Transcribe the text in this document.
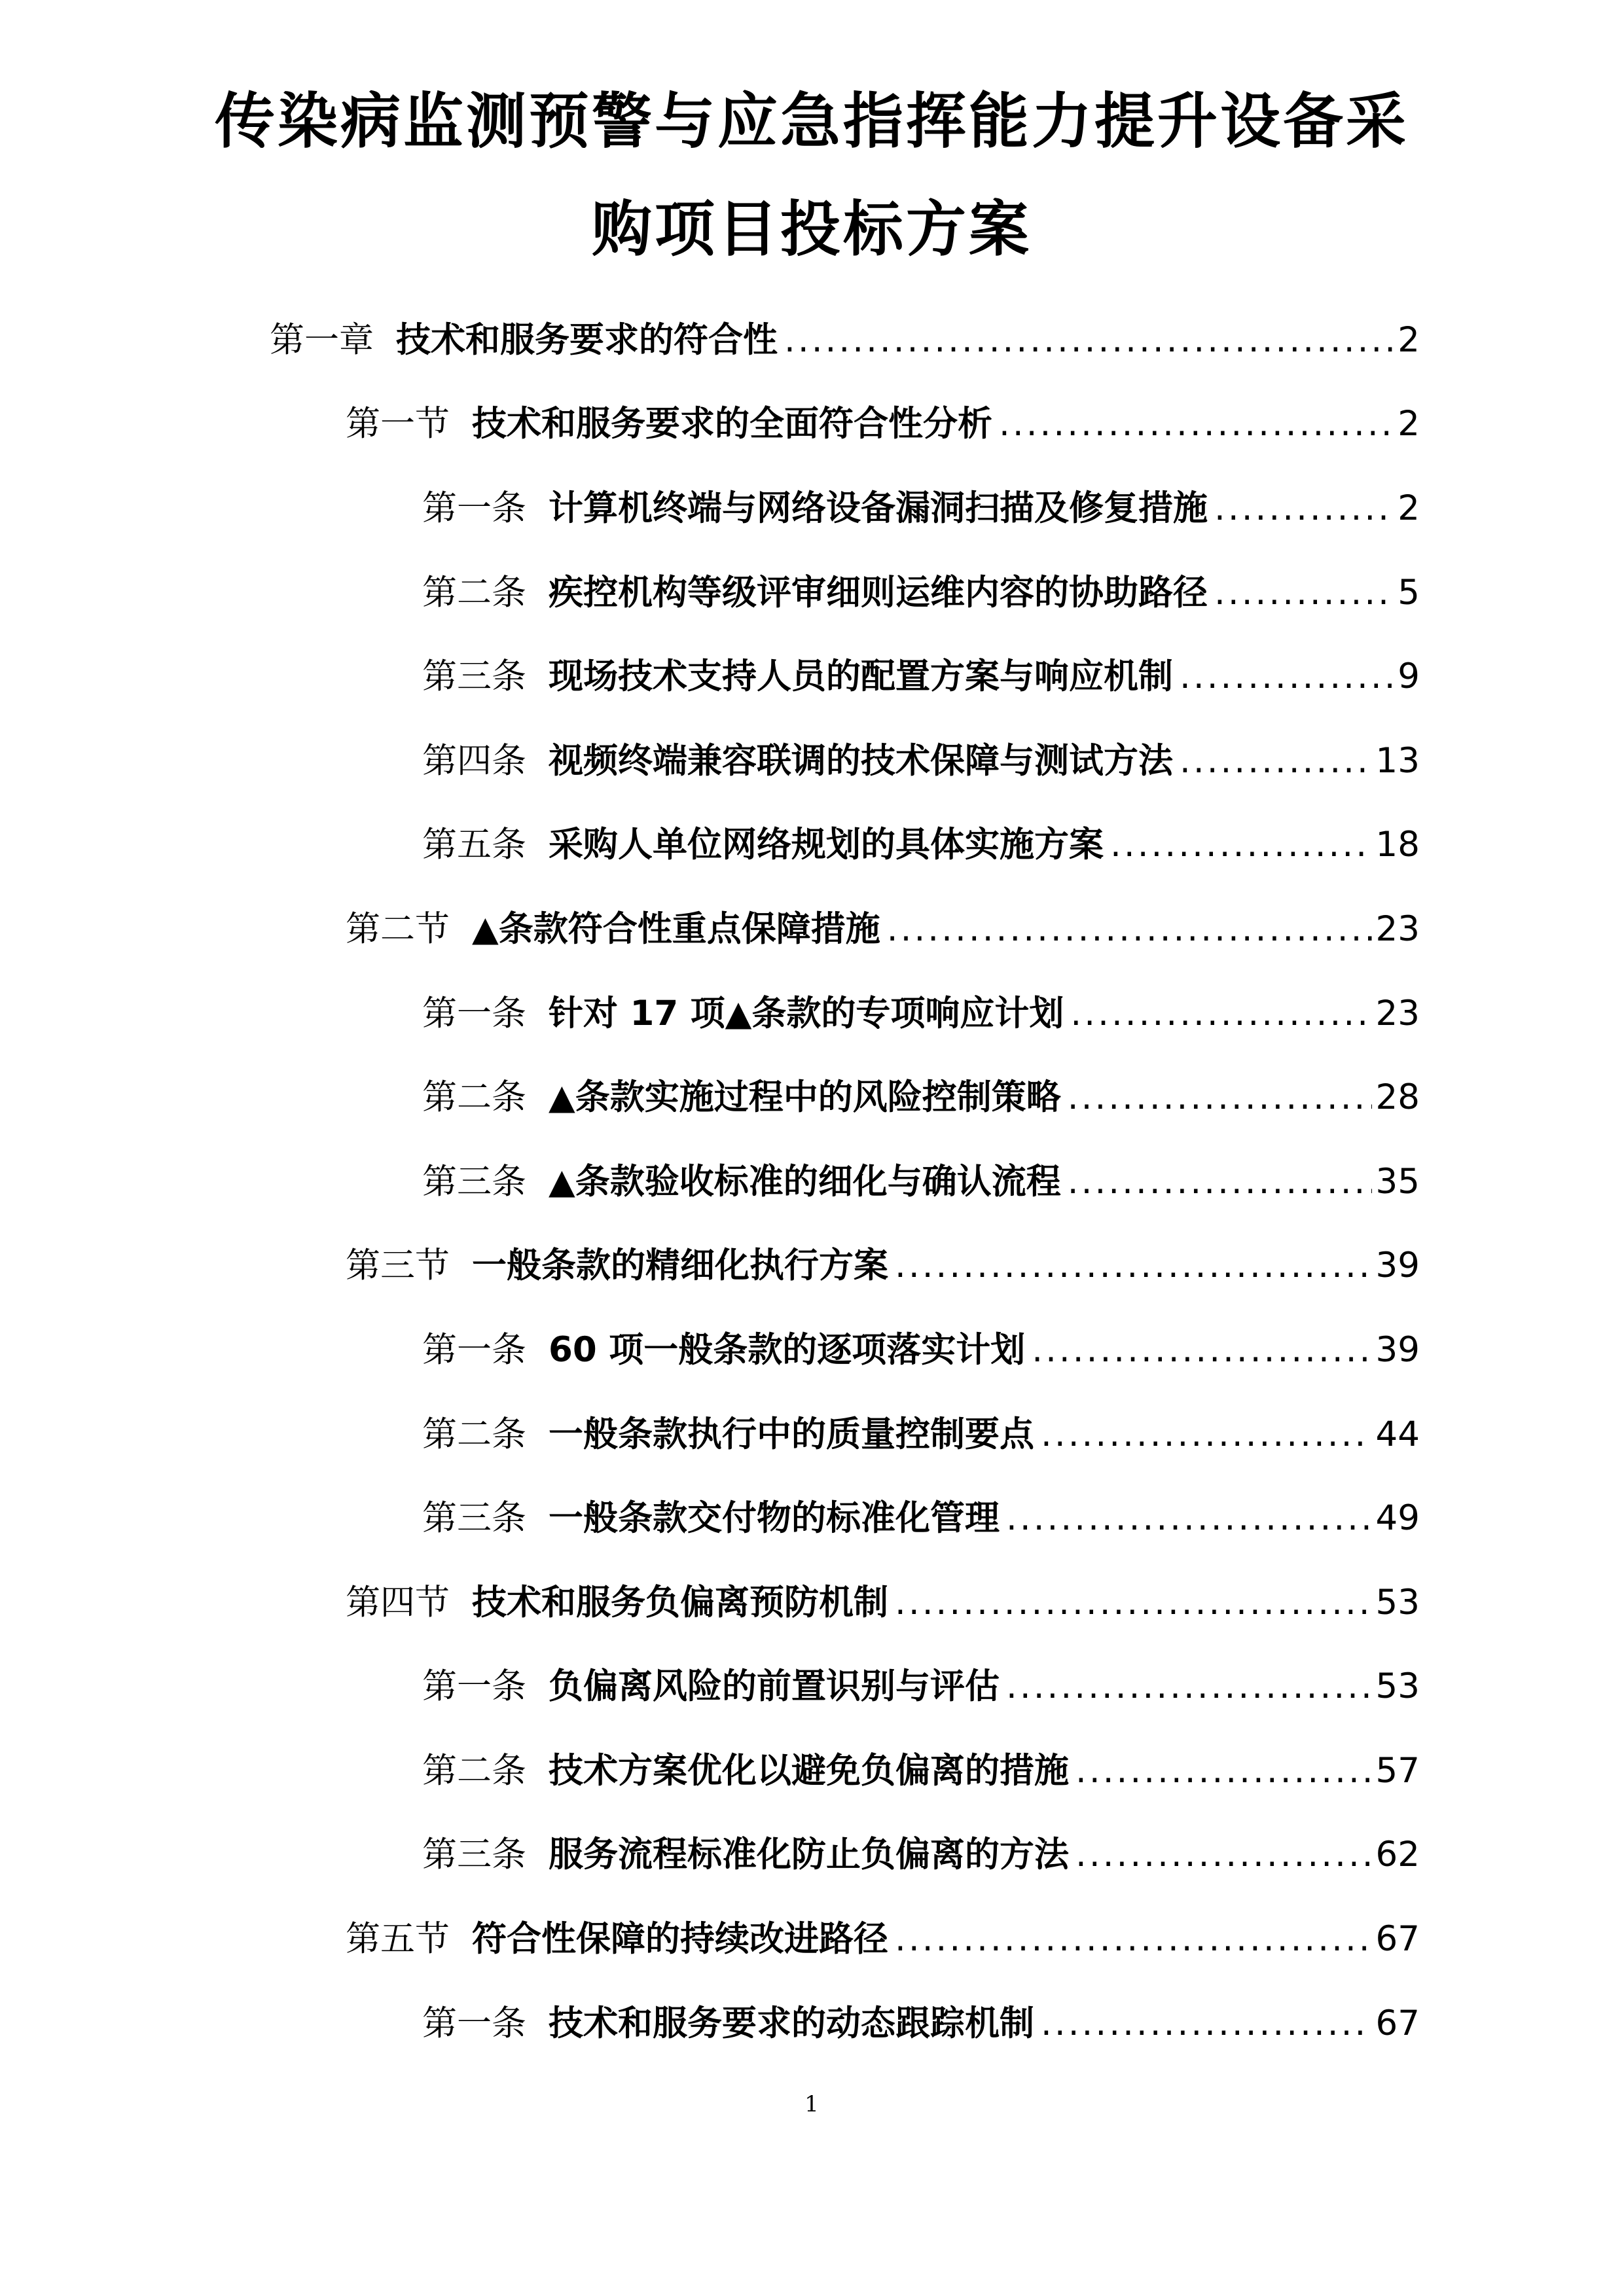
传染病监测预警与应急指挥能力提升设备采
购项目投标方案
第一章 技术和服务要求的符合性 .....	2
第一节 技术和服务要求的全面符合性分析 .....	2
第一条 计算机终端与网络设备漏洞扫描及修复措施 .....	2
第二条 疾控机构等级评审细则运维内容的协助路径 .....	5
第三条 现场技术支持人员的配置方案与响应机制 .....	9
第四条 视频终端兼容联调的技术保障与测试方法 .....	13
第五条 采购人单位网络规划的具体实施方案 .....	18
第二节 ▲条款符合性重点保障措施 .....	23
第一条 针对 17 项▲条款的专项响应计划 .....	23
第二条 ▲条款实施过程中的风险控制策略 .....	28
第三条 ▲条款验收标准的细化与确认流程 .....	35
第三节 一般条款的精细化执行方案 .....	39
第一条 60 项一般条款的逐项落实计划 .....	39
第二条 一般条款执行中的质量控制要点 .....	44
第三条 一般条款交付物的标准化管理 .....	49
第四节 技术和服务负偏离预防机制 .....	53
第一条 负偏离风险的前置识别与评估 .....	53
第二条 技术方案优化以避免负偏离的措施 .....	57
第三条 服务流程标准化防止负偏离的方法 .....	62
第五节 符合性保障的持续改进路径 .....	67
第一条 技术和服务要求的动态跟踪机制 .....	67
1
